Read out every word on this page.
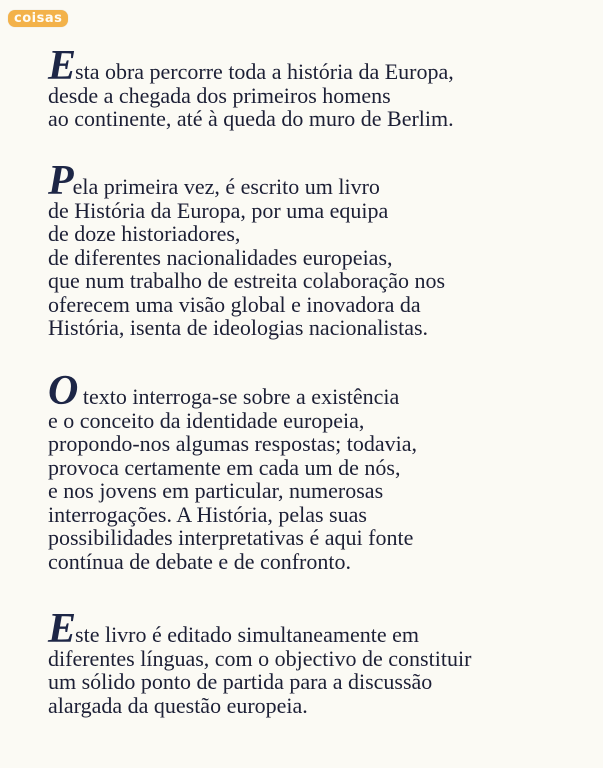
coisas

Esta obra percorre toda a história da Europa,

desde a chegada dos primeiros homens

ao continente, até à queda do muro de Berlim.

Pela primeira vez, é escrito um livro

de História da Europa, por uma equipa

de doze historiadores,

de diferentes nacionalidades europeias,

que num trabalho de estreita colaboração nos

oferecem uma visão global e inovadora da

História, isenta de ideologias nacionalistas.

O texto interroga-se sobre a existência

e o conceito da identidade europeia,

propondo-nos algumas respostas; todavia,

provoca certamente em cada um de nós,

e nos jovens em particular, numerosas

interrogações. A História, pelas suas

possibilidades interpretativas é aqui fonte

contínua de debate e de confronto.

Este livro é editado simultaneamente em

diferentes línguas, com o objectivo de constituir

um sólido ponto de partida para a discussão

alargada da questão europeia.
